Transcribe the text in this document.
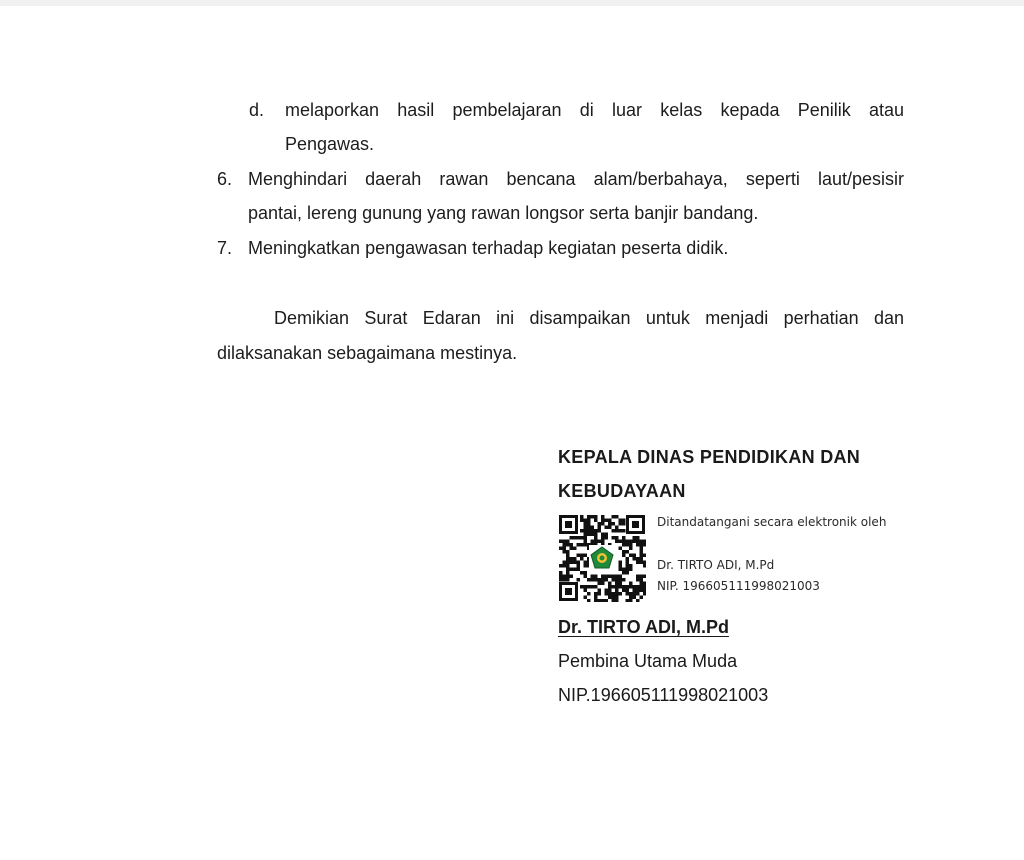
d. melaporkan hasil pembelajaran di luar kelas kepada Penilik atau
Pengawas.
6. Menghindari daerah rawan bencana alam/berbahaya, seperti laut/pesisir
pantai, lereng gunung yang rawan longsor serta banjir bandang.
7. Meningkatkan pengawasan terhadap kegiatan peserta didik.
Demikian Surat Edaran ini disampaikan untuk menjadi perhatian dan
dilaksanakan sebagaimana mestinya.
KEPALA DINAS PENDIDIKAN DAN
KEBUDAYAAN
Ditandatangani secara elektronik oleh
Dr. TIRTO ADI, M.Pd
NIP. 196605111998021003
Dr. TIRTO ADI, M.Pd
Pembina Utama Muda
NIP.196605111998021003
